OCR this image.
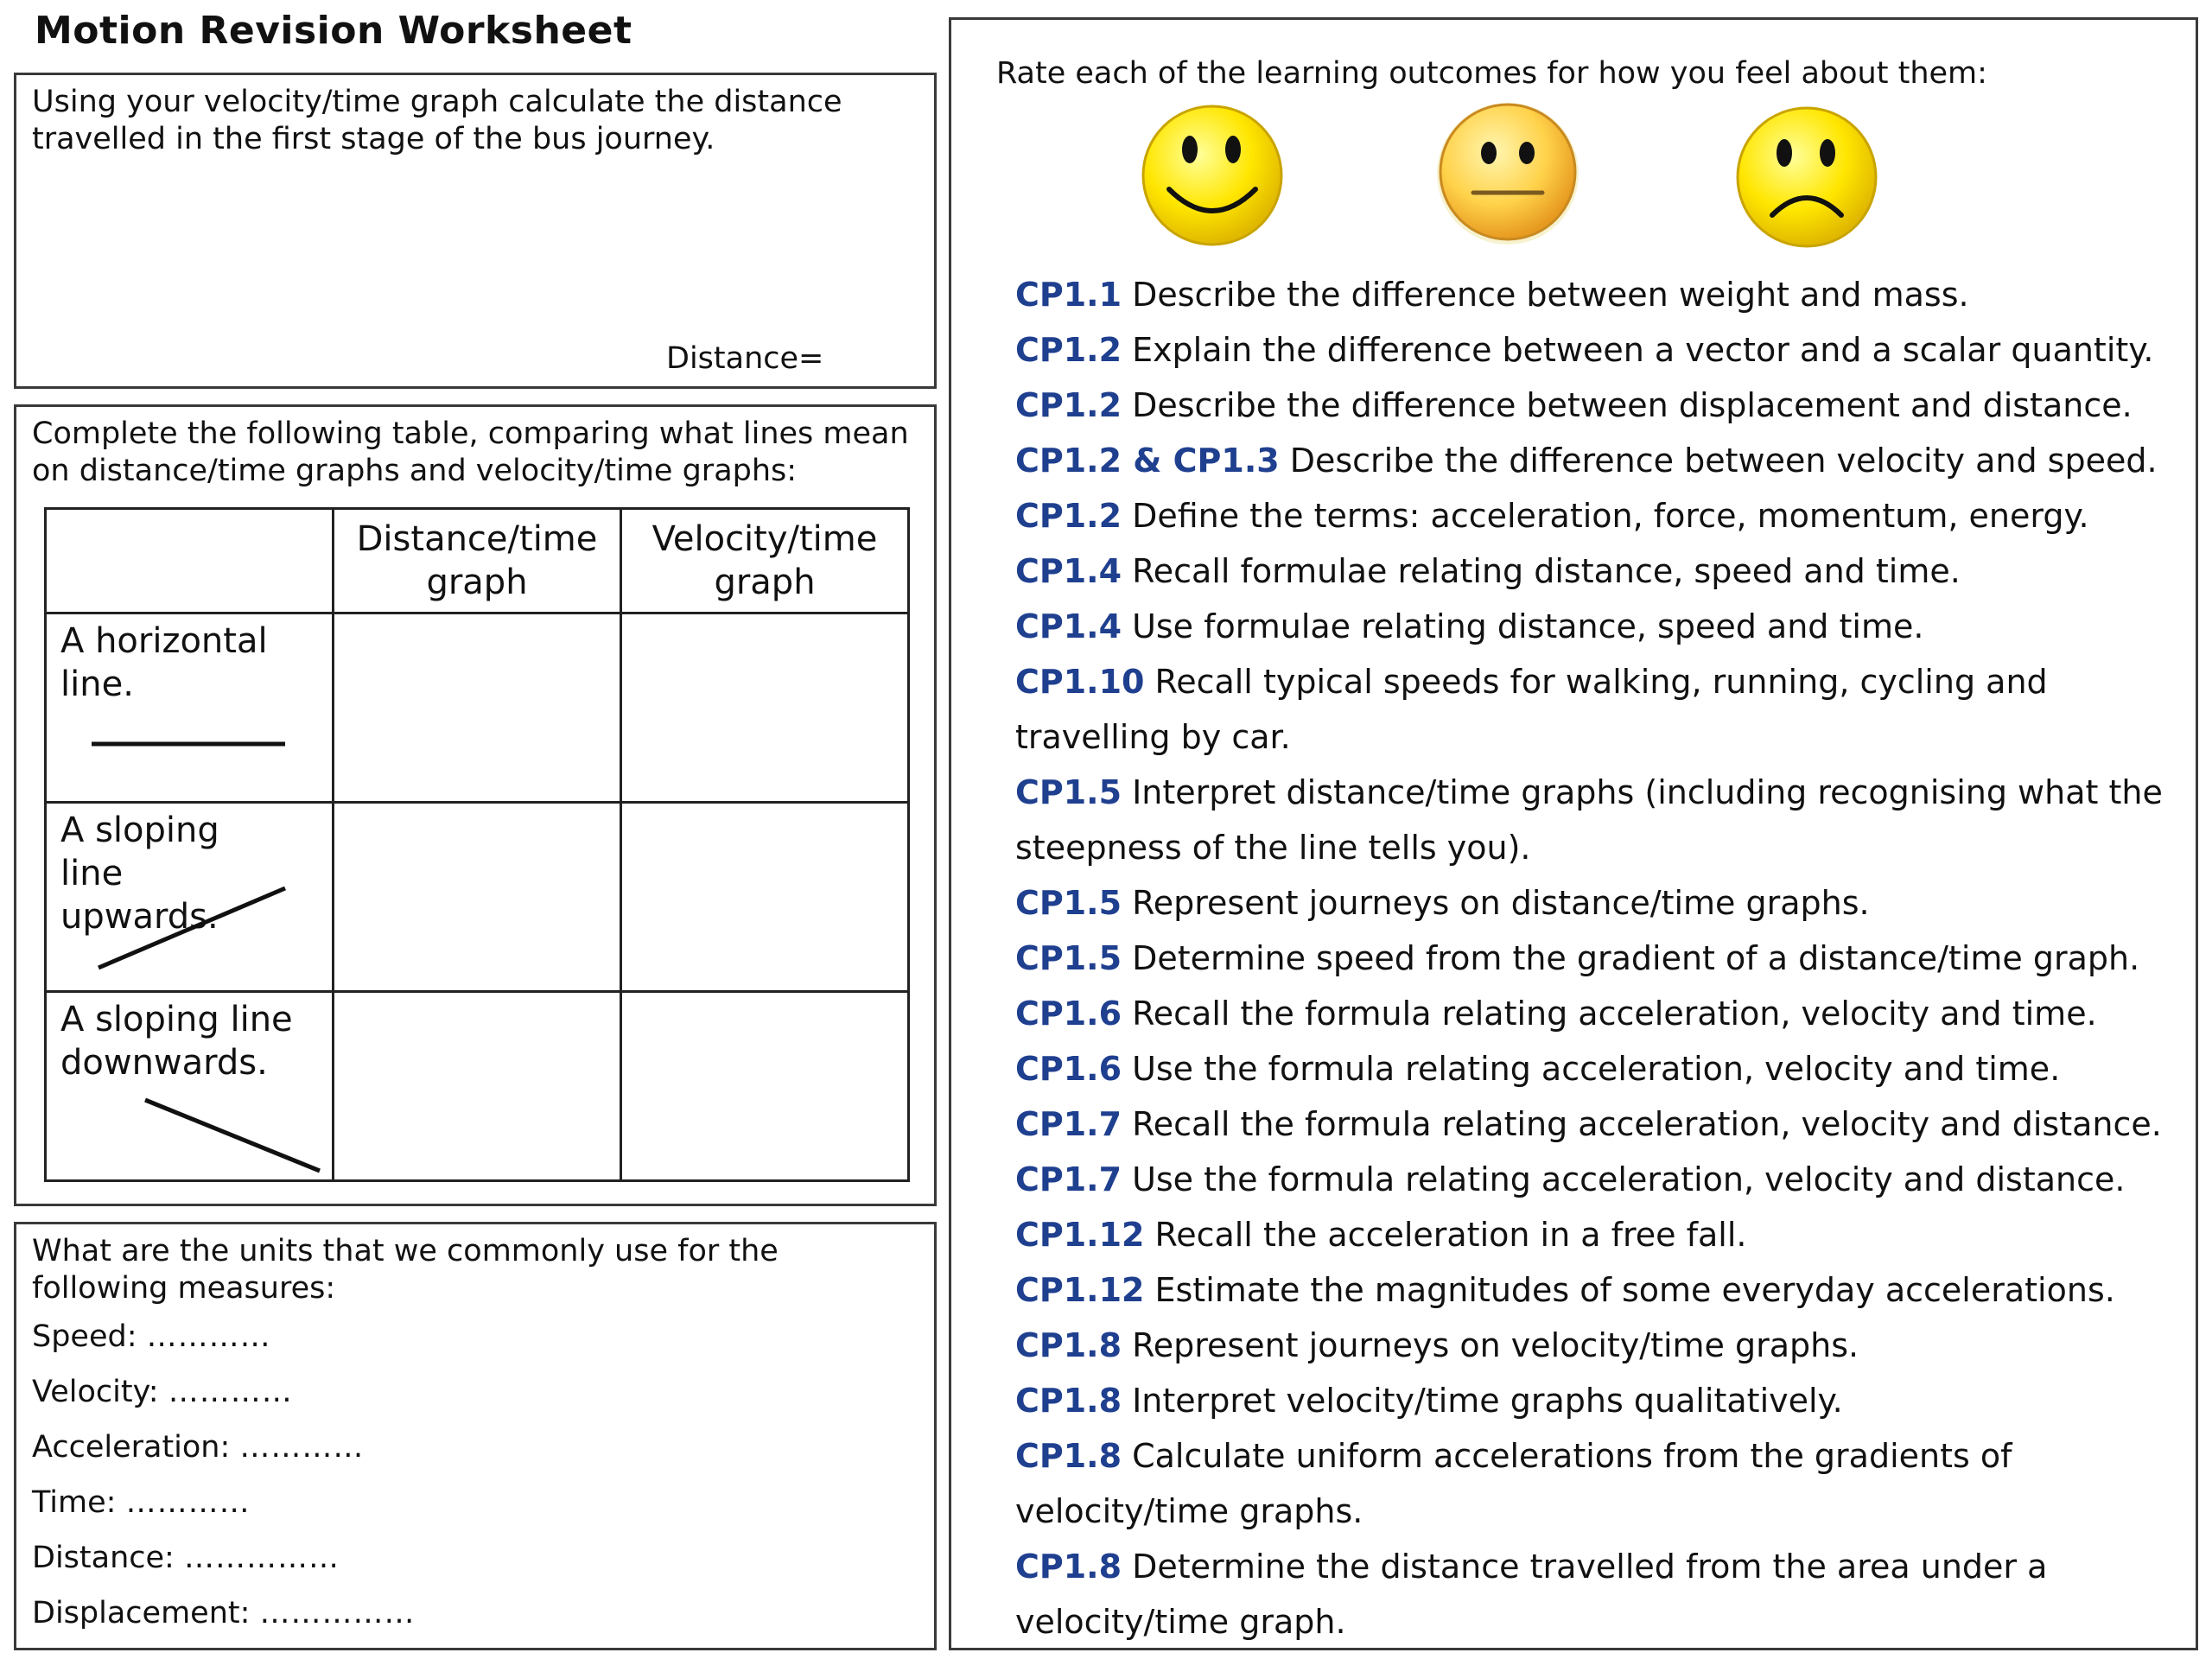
Motion Revision Worksheet
Using your velocity/time graph calculate the distance travelled in the first stage of the bus journey.
Distance=
Complete the following table, comparing what lines mean on distance/time graphs and velocity/time graphs:
	Distance/time graph	Velocity/time graph

A horizontal line.		

A sloping line upwards.		

A sloping line downwards.		

What are the units that we commonly use for the following measures:
Speed: …………
Velocity: …………
Acceleration: …………
Time: …………
Distance: ……………
Displacement: ……………
Rate each of the learning outcomes for how you feel about them:
CP1.1 Describe the difference between weight and mass.
CP1.2 Explain the difference between a vector and a scalar quantity.
CP1.2 Describe the difference between displacement and distance.
CP1.2 & CP1.3 Describe the difference between velocity and speed.
CP1.2 Define the terms: acceleration, force, momentum, energy.
CP1.4 Recall formulae relating distance, speed and time.
CP1.4 Use formulae relating distance, speed and time.
CP1.10 Recall typical speeds for walking, running, cycling and travelling by car.
CP1.5 Interpret distance/time graphs (including recognising what the steepness of the line tells you).
CP1.5 Represent journeys on distance/time graphs.
CP1.5 Determine speed from the gradient of a distance/time graph.
CP1.6 Recall the formula relating acceleration, velocity and time.
CP1.6 Use the formula relating acceleration, velocity and time.
CP1.7 Recall the formula relating acceleration, velocity and distance.
CP1.7 Use the formula relating acceleration, velocity and distance.
CP1.12 Recall the acceleration in a free fall.
CP1.12 Estimate the magnitudes of some everyday accelerations.
CP1.8 Represent journeys on velocity/time graphs.
CP1.8 Interpret velocity/time graphs qualitatively.
CP1.8 Calculate uniform accelerations from the gradients of velocity/time graphs.
CP1.8 Determine the distance travelled from the area under a velocity/time graph.
